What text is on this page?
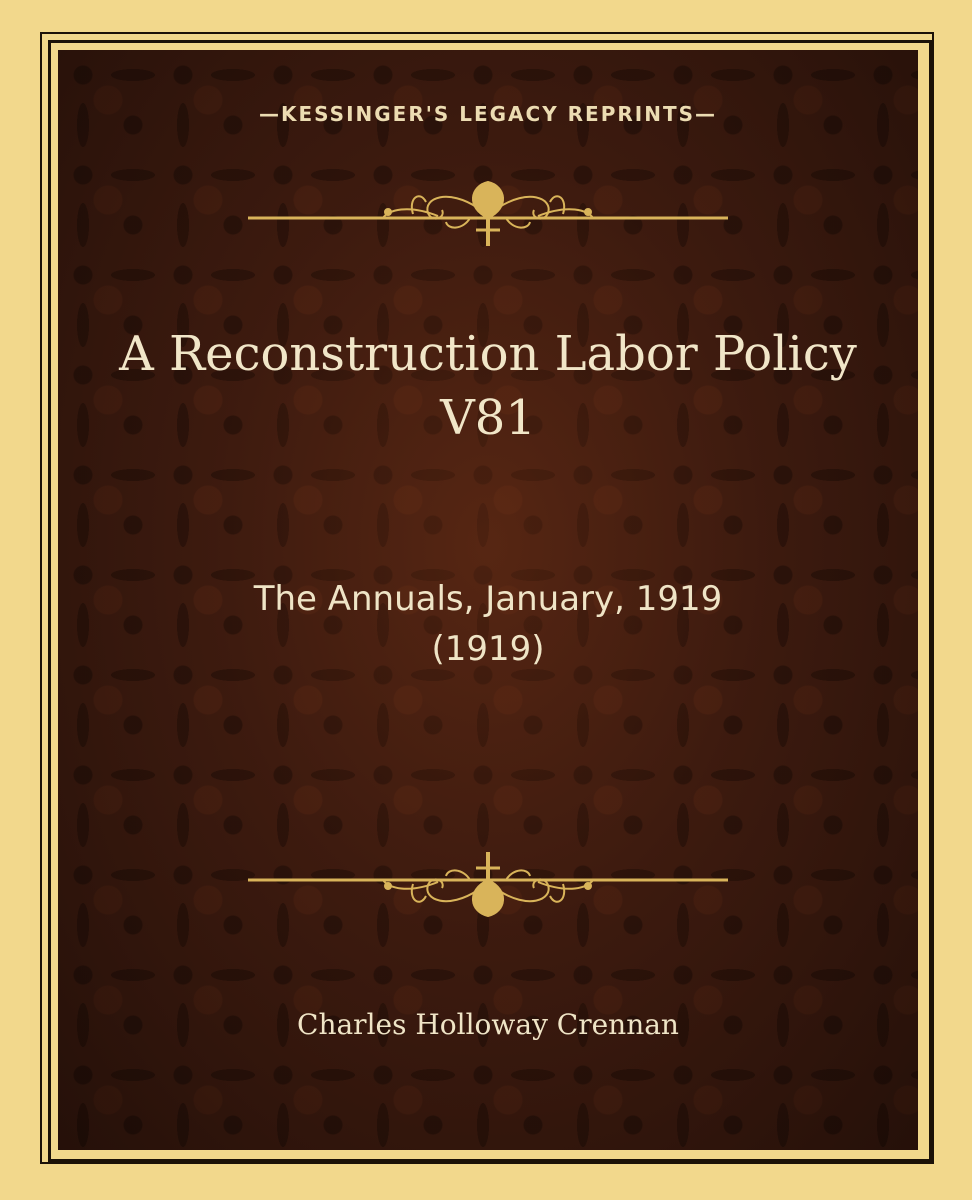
—KESSINGER'S LEGACY REPRINTS—
A Reconstruction Labor Policy
V81
The Annuals, January, 1919
(1919)
Charles Holloway Crennan
